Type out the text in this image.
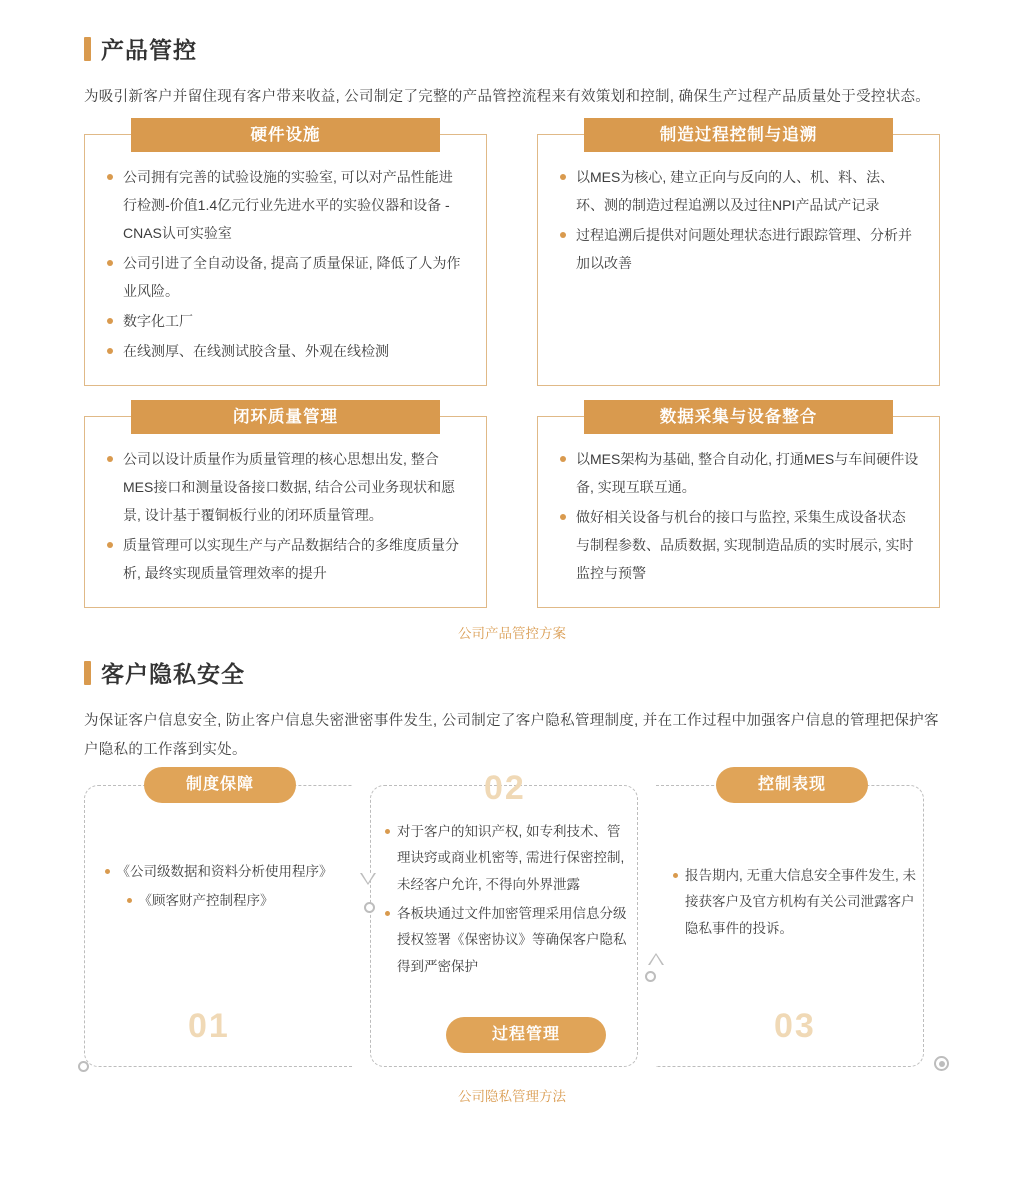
产品管控

为吸引新客户并留住现有客户带来收益, 公司制定了完整的产品管控流程来有效策划和控制, 确保生产过程产品质量处于受控状态。

硬件设施
公司拥有完善的试验设施的实验室, 可以对产品性能进行检测-价值1.4亿元行业先进水平的实验仪器和设备 -CNAS认可实验室
公司引进了全自动设备, 提高了质量保证, 降低了人为作业风险。
数字化工厂
在线测厚、在线测试胶含量、外观在线检测
制造过程控制与追溯
以MES为核心, 建立正向与反向的人、机、料、法、环、测的制造过程追溯以及过往NPI产品试产记录
过程追溯后提供对问题处理状态进行跟踪管理、分析并加以改善
闭环质量管理
公司以设计质量作为质量管理的核心思想出发, 整合MES接口和测量设备接口数据, 结合公司业务现状和愿景, 设计基于覆铜板行业的闭环质量管理。
质量管理可以实现生产与产品数据结合的多维度质量分析, 最终实现质量管理效率的提升
数据采集与设备整合
以MES架构为基础, 整合自动化, 打通MES与车间硬件设备, 实现互联互通。
做好相关设备与机台的接口与监控, 采集生成设备状态与制程参数、品质数据, 实现制造品质的实时展示, 实时监控与预警
公司产品管控方案
客户隐私安全

为保证客户信息安全, 防止客户信息失密泄密事件发生, 公司制定了客户隐私管理制度, 并在工作过程中加强客户信息的管理把保护客户隐私的工作落到实处。

制度保障	控制表现
过程管理
01
02
03
《公司级数据和资料分析使用程序》
《顾客财产控制程序》
对于客户的知识产权, 如专利技术、管理诀窍或商业机密等, 需进行保密控制, 未经客户允许, 不得向外界泄露
各板块通过文件加密管理采用信息分级授权签署《保密协议》等确保客户隐私得到严密保护
报告期内, 无重大信息安全事件发生, 未接获客户及官方机构有关公司泄露客户隐私事件的投诉。
公司隐私管理方法
